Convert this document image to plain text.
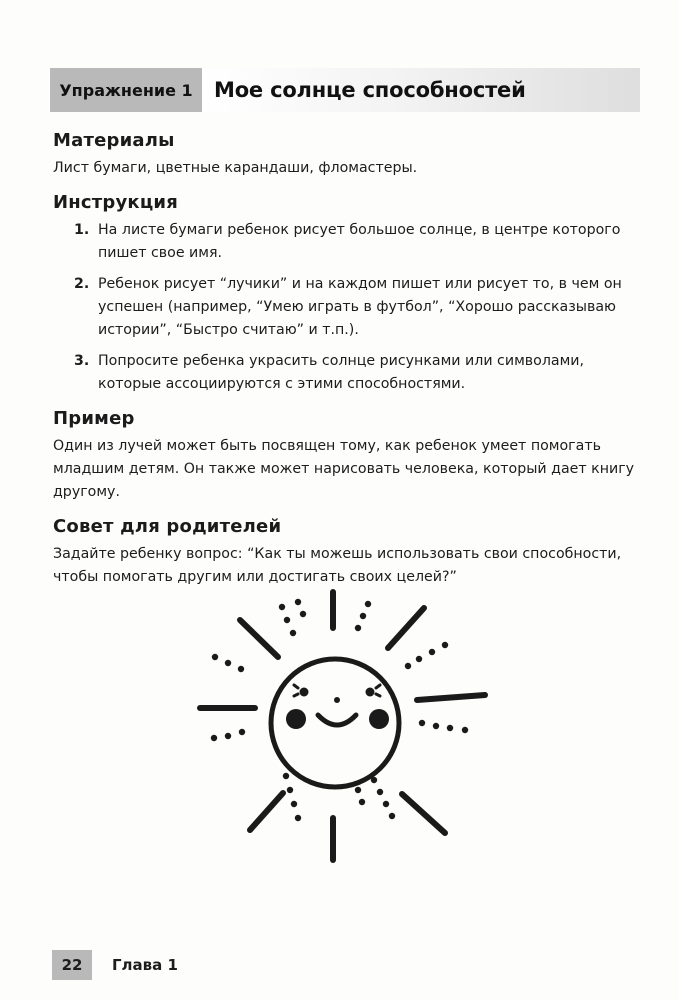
Упражнение 1	Мое солнце способностей
Материалы

Лист бумаги, цветные карандаши, фломастеры.

Инструкция
1. На листе бумаги ребенок рисует большое солнце, в центре которого пишет свое имя.
2. Ребенок рисует “лучики” и на каждом пишет или рисует то, в чем он успешен (например, “Умею играть в футбол”, “Хорошо рассказываю истории”, “Быстро считаю” и т.п.).
3. Попросите ребенка украсить солнце рисунками или символами, которые ассоциируются с этими способностями.
Пример

Один из лучей может быть посвящен тому, как ребенок умеет помогать младшим детям. Он также может нарисовать человека, который дает книгу другому.

Совет для родителей

Задайте ребенку вопрос: “Как ты можешь использовать свои способности, чтобы помогать другим или достигать своих целей?”

22	Глава 1
